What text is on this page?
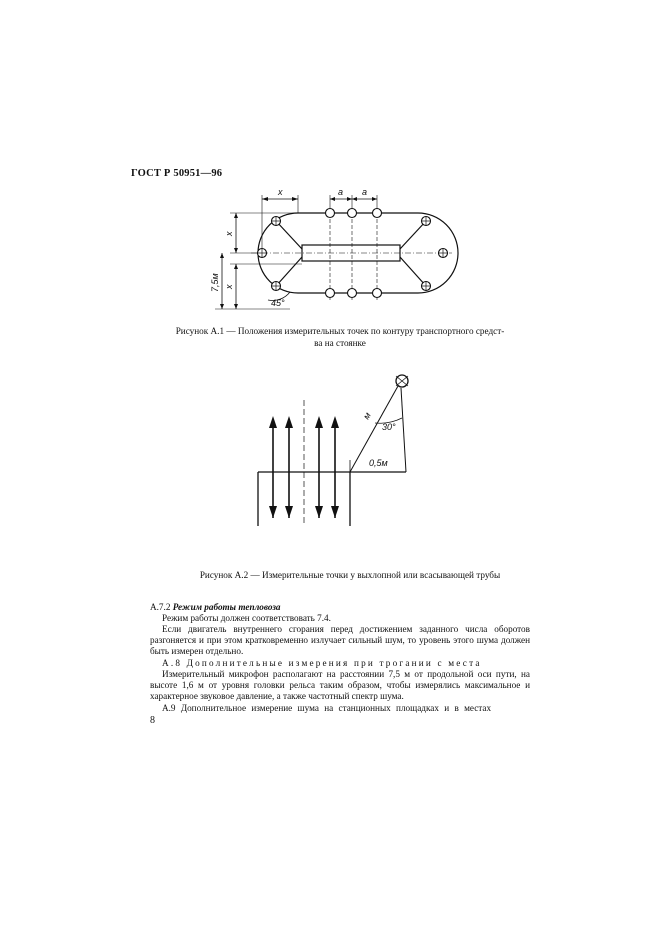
ГОСТ Р 50951—96
x	a a
x
x
7,5м
45°
Рисунок А.1 — Положения измерительных точек по контуру транспортного средст-
ва на стоянке
м
30°
0,5м
Рисунок А.2 — Измерительные точки у выхлопной или всасывающей трубы
А.7.2 Режим работы тепловоза
Режим работы должен соответствовать 7.4.
Если двигатель внутреннего сгорания перед достижением заданного числа оборотов разгоняется и при этом кратковременно излучает сильный шум, то уровень этого шума должен быть измерен отдельно.
А.8 Дополнительные измерения при трогании с места
Измерительный микрофон располагают на расстоянии 7,5 м от продольной оси пути, на высоте 1,6 м от уровня головки рельса таким образом, чтобы измерялись максимальное и характерное звуковое давление, а также частотный спектр шума.
А.9 Дополнительное измерение шума на станционных площадках и в местах
8
